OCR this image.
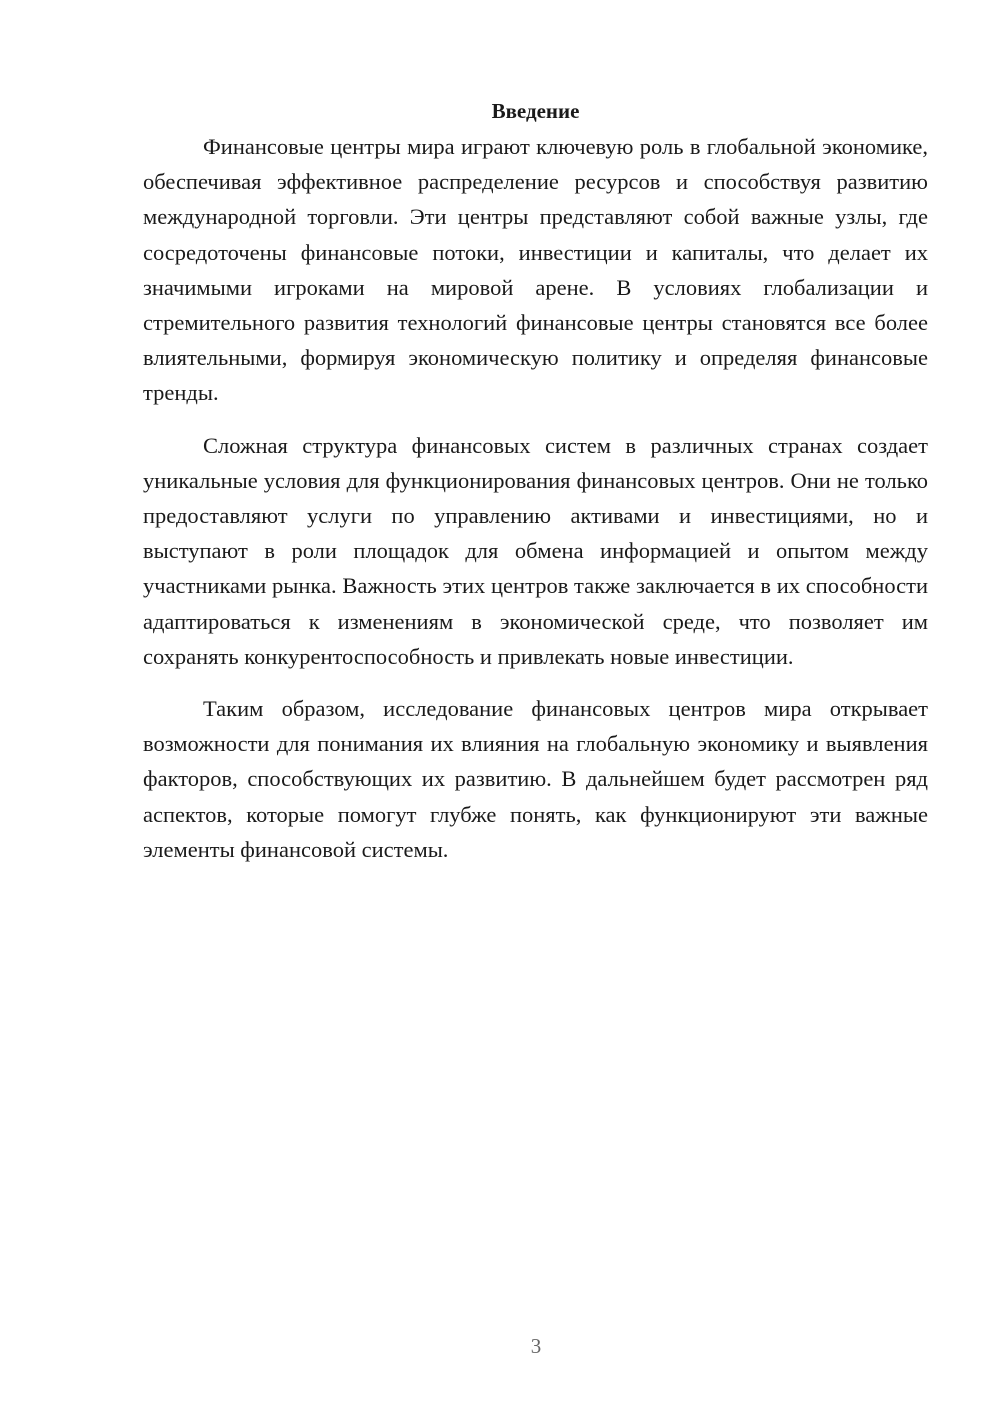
Введение

Финансовые центры мира играют ключевую роль в глобальной экономике, обеспечивая эффективное распределение ресурсов и способствуя развитию международной торговли. Эти центры представляют собой важные узлы, где сосредоточены финансовые потоки, инвестиции и капиталы, что делает их значимыми игроками на мировой арене. В условиях глобализации и стремительного развития технологий финансовые центры становятся все более влиятельными, формируя экономическую политику и определяя финансовые тренды.

Сложная структура финансовых систем в различных странах создает уникальные условия для функционирования финансовых центров. Они не только предоставляют услуги по управлению активами и инвестициями, но и выступают в роли площадок для обмена информацией и опытом между участниками рынка. Важность этих центров также заключается в их способности адаптироваться к изменениям в экономической среде, что позволяет им сохранять конкурентоспособность и привлекать новые инвестиции.

Таким образом, исследование финансовых центров мира открывает возможности для понимания их влияния на глобальную экономику и выявления факторов, способствующих их развитию. В дальнейшем будет рассмотрен ряд аспектов, которые помогут глубже понять, как функционируют эти важные элементы финансовой системы.

3
